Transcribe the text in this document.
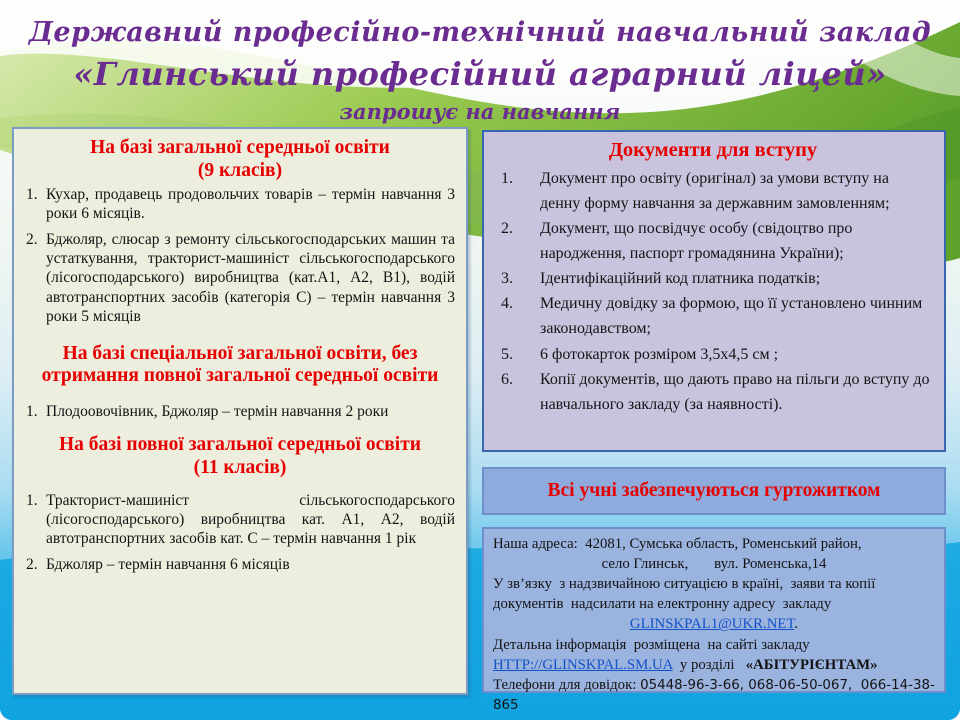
Державний професійно-технічний навчальний заклад
«Глинський професійний аграрний ліцей»
запрошує на навчання
На базі загальної середньої освіти
(9 класів)
Кухар, продавець продовольчих товарів – термін навчання 3 роки 6 місяців.
Бджоляр, слюсар з ремонту сільськогосподарських машин та устаткування, тракторист-машиніст сільськогосподарського (лісогосподарського) виробництва (кат.А1, А2, В1), водій автотранспортних засобів (категорія С) – термін навчання 3 роки 5 місяців
На базі спеціальної загальної освіти, без отримання повної загальної середньої освіти
Плодоовочівник, Бджоляр – термін навчання 2 роки
На базі повної загальної середньої освіти
(11 класів)
Тракторист-машиніст сільськогосподарського (лісогосподарського) виробництва кат. А1, А2, водій автотранспортних засобів кат. С – термін навчання 1 рік
Бджоляр – термін навчання 6 місяців
Документи для вступу
Документ про освіту (оригінал) за умови вступу на денну форму навчання за державним замовленням;
Документ, що посвідчує особу (свідоцтво про народження, паспорт громадянина України);
Ідентифікаційний код платника податків;
Медичну довідку за формою, що її установлено чинним законодавством;
6 фотокарток розміром 3,5х4,5 см ;
Копії документів, що дають право на пільги до вступу до навчального закладу (за наявності).
Всі учні забезпечуються гуртожитком
Наша адреса:  42081, Сумська область, Роменський район,
село Глинськ,       вул. Роменська,14
У зв’язку  з надзвичайною ситуацією в країні,  заяви та копії
документів  надсилати на електронну адресу  закладу
GLINSKPAL1@UKR.NET.
Детальна інформація  розміщена  на сайті закладу
HTTP://GLINSKPAL.SM.UA  у розділі   «АБІТУРІЄНТАМ»
Телефони для довідок: 05448-96-3-66, 068-06-50-067,  066-14-38-865
